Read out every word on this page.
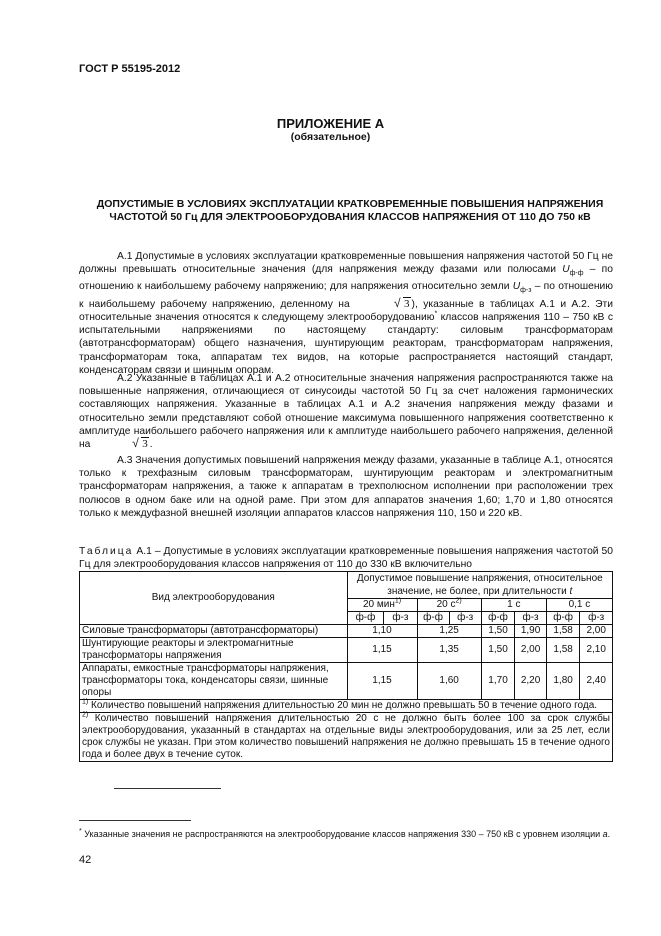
ГОСТ Р 55195-2012
ПРИЛОЖЕНИЕ А
(обязательное)
ДОПУСТИМЫЕ В УСЛОВИЯХ ЭКСПЛУАТАЦИИ КРАТКОВРЕМЕННЫЕ ПОВЫШЕНИЯ НАПРЯЖЕНИЯ ЧАСТОТОЙ 50 Гц ДЛЯ ЭЛЕКТРООБОРУДОВАНИЯ КЛАССОВ НАПРЯЖЕНИЯ ОТ 110 ДО 750 кВ

А.1 Допустимые в условиях эксплуатации кратковременные повышения напряжения частотой 50 Гц не должны превышать относительные значения (для напряжения между фазами или полюсами $U_{ф-ф}$ – по отношению к наибольшему рабочему напряжению; для напряжения относительно земли $U_{ф-з}$ – по отношению к наибольшему рабочему напряжению, деленному на	√ 3 ), указанные в таблицах А.1 и А.2. Эти относительные значения относятся к следующему электрооборудованию* классов напряжения 110 – 750 кВ с испытательными напряжениями по настоящему стандарту: силовым трансформаторам (автотрансформаторам) общего назначения, шунтирующим реакторам, трансформаторам напряжения, трансформаторам тока, аппаратам тех видов, на которые распространяется настоящий стандарт, конденсаторам связи и шинным опорам.

А.2 Указанные в таблицах А.1 и А.2 относительные значения напряжения распространяются также на повышенные напряжения, отличающиеся от синусоиды частотой 50 Гц за счет наложения гармонических составляющих напряжения. Указанные в таблицах А.1 и А.2 значения напряжения между фазами и относительно земли представляют собой отношение максимума повышенного напряжения соответственно к амплитуде наибольшего рабочего напряжения или к амплитуде наибольшего рабочего напряжения, деленной на	√ 3 .

А.3 Значения допустимых повышений напряжения между фазами, указанные в таблице А.1, относятся только к трехфазным силовым трансформаторам, шунтирующим реакторам и электромагнитным трансформаторам напряжения, а также к аппаратам в трехполюсном исполнении при расположении трех полюсов в одном баке или на одной раме. При этом для аппаратов значения 1,60; 1,70 и 1,80 относятся только к междуфазной внешней изоляции аппаратов классов напряжения 110, 150 и 220 кВ.

Таблица А.1 – Допустимые в условиях эксплуатации кратковременные повышения напряжения частотой 50 Гц для электрооборудования классов напряжения от 110 до 330 кВ включительно
Вид электрооборудования	Допустимое повышение напряжения, относительное значение, не более, при длительности t							
	20 мин$^{1)}$		20 $с^{2)}$		1 с		0,1 с	
	ф-ф	ф-з	ф-ф	ф-з	ф-ф	ф-з	ф-ф	ф-з
Силовые трансформаторы (автотрансформаторы)	1,10		1,25		1,50	1,90	1,58	2,00
Шунтирующие реакторы и электромагнитные трансформаторы напряжения	1,15		1,35		1,50	2,00	1,58	2,10
Аппараты, емкостные трансформаторы напряжения, трансформаторы тока, конденсаторы связи, шинные опоры	1,15		1,60		1,70	2,20	1,80	2,40
$^{1)}$ Количество повышений напряжения длительностью 20 мин не должно превышать 50 в течение одного года.								
$^{2)}$ Количество повышений напряжения длительностью 20 с не должно быть более 100 за срок службы электрооборудования, указанный в стандартах на отдельные виды электрооборудования, или за 25 лет, если срок службы не указан. При этом количество повышений напряжения не должно превышать 15 в течение одного года и более двух в течение суток.								
* Указанные значения не распространяются на электрооборудование классов напряжения 330 – 750 кВ с уровнем изоляции а.
42
